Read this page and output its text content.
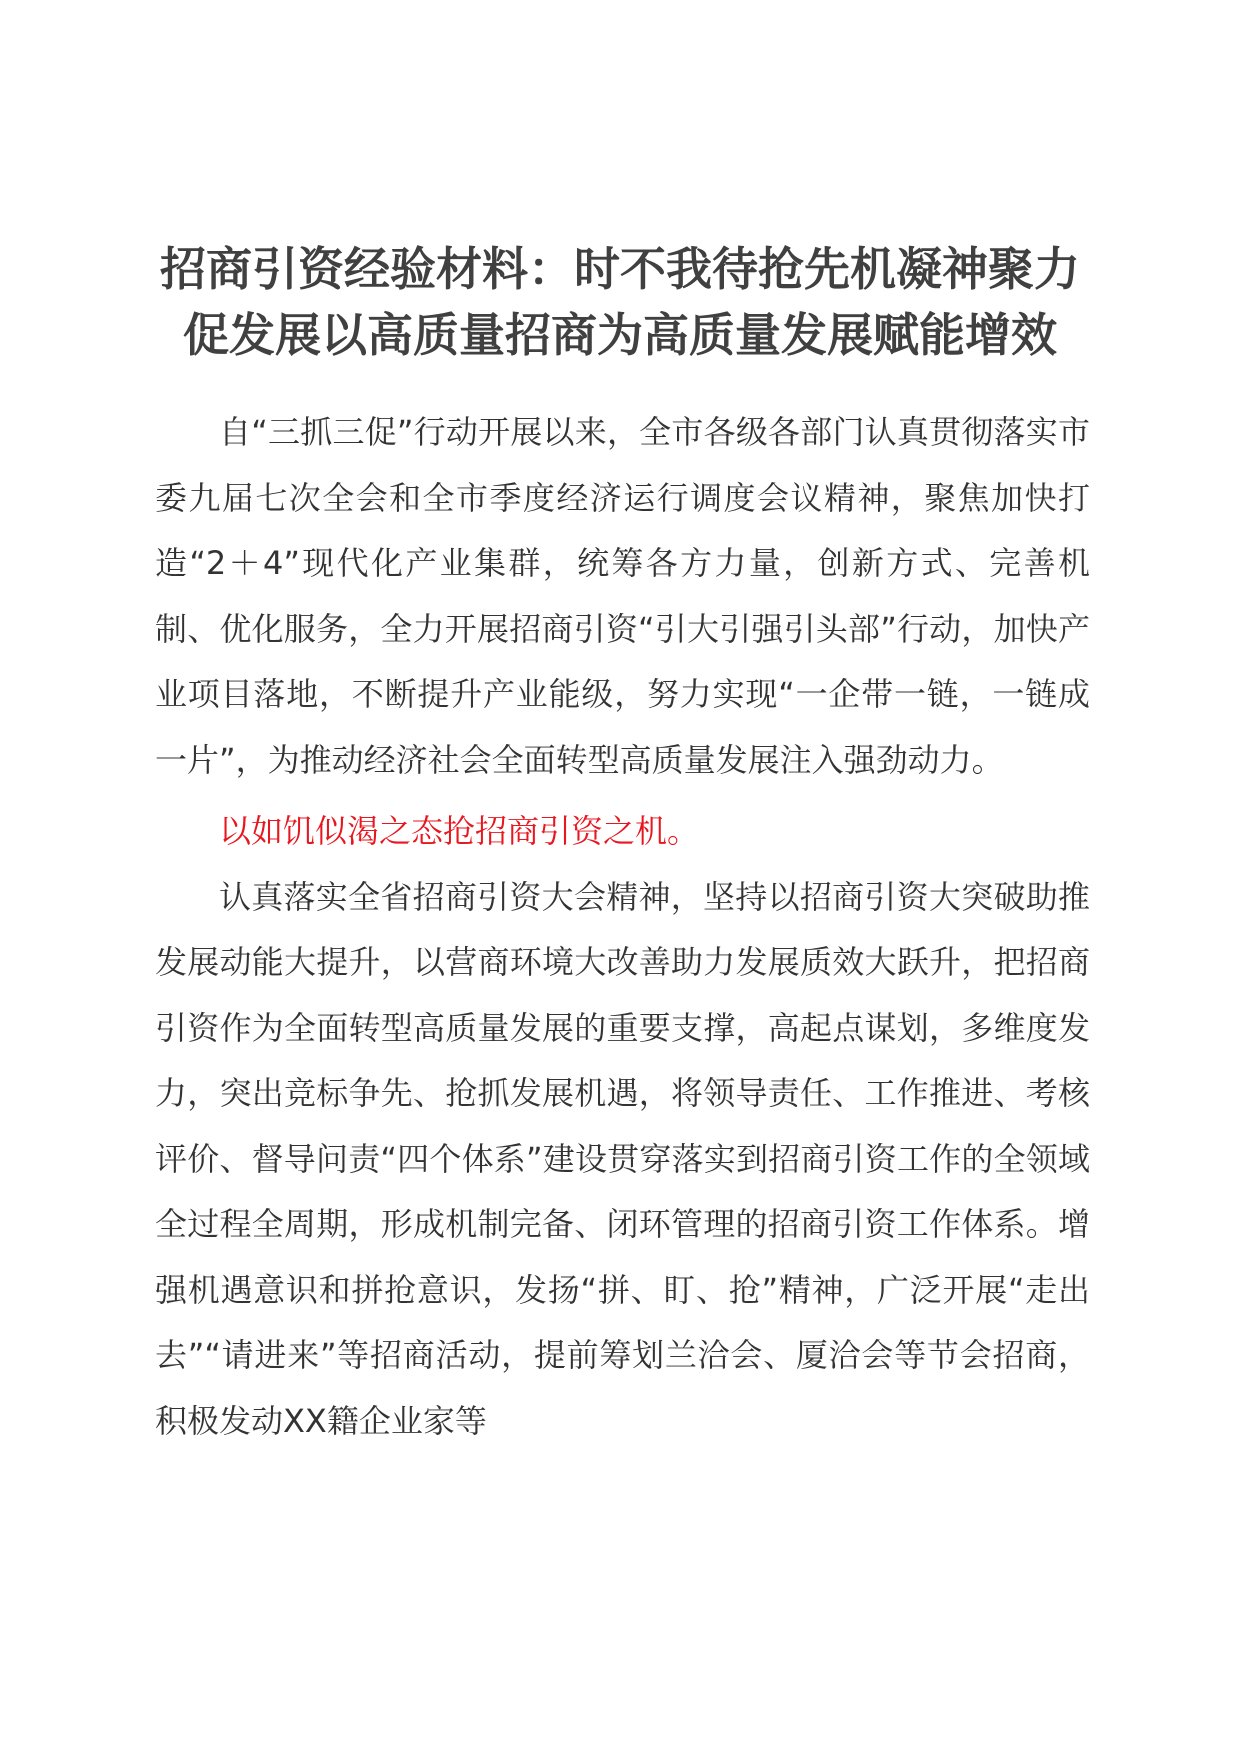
招商引资经验材料：时不我待抢先机凝神聚力
促发展以高质量招商为高质量发展赋能增效

自“三抓三促”行动开展以来，全市各级各部门认真贯彻落实市委九届七次全会和全市季度经济运行调度会议精神，聚焦加快打造“2＋4”现代化产业集群，统筹各方力量，创新方式、完善机制、优化服务，全力开展招商引资“引大引强引头部”行动，加快产业项目落地，不断提升产业能级，努力实现“一企带一链，一链成一片”，为推动经济社会全面转型高质量发展注入强劲动力。

以如饥似渴之态抢招商引资之机。

认真落实全省招商引资大会精神，坚持以招商引资大突破助推发展动能大提升，以营商环境大改善助力发展质效大跃升，把招商引资作为全面转型高质量发展的重要支撑，高起点谋划，多维度发力，突出竞标争先、抢抓发展机遇，将领导责任、工作推进、考核评价、督导问责“四个体系”建设贯穿落实到招商引资工作的全领域全过程全周期，形成机制完备、闭环管理的招商引资工作体系。增强机遇意识和拼抢意识，发扬“拼、盯、抢”精神，广泛开展“走出去”“请进来”等招商活动，提前筹划兰洽会、厦洽会等节会招商，积极发动XX籍企业家等
